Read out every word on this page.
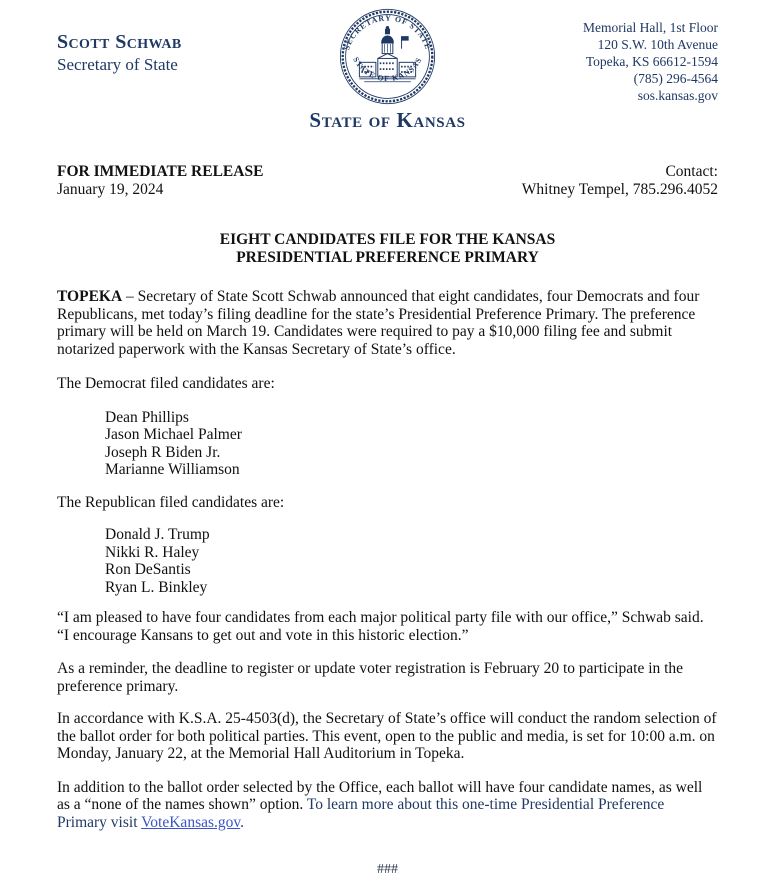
Scott Schwab
Secretary of State
SECRETARY OF STATE
STATE OF KANSAS
State of Kansas
Memorial Hall, 1st Floor
120 S.W. 10th Avenue
Topeka, KS 66612-1594
(785) 296-4564
sos.kansas.gov
FOR IMMEDIATE RELEASE
January 19, 2024
Contact:
Whitney Tempel, 785.296.4052
EIGHT CANDIDATES FILE FOR THE KANSAS
PRESIDENTIAL PREFERENCE PRIMARY

TOPEKA – Secretary of State Scott Schwab announced that eight candidates, four Democrats and four Republicans, met today’s filing deadline for the state’s Presidential Preference Primary. The preference primary will be held on March 19. Candidates were required to pay a $10,000 filing fee and submit notarized paperwork with the Kansas Secretary of State’s office.

The Democrat filed candidates are:

Dean Phillips
Jason Michael Palmer
Joseph R Biden Jr.
Marianne Williamson

The Republican filed candidates are:

Donald J. Trump
Nikki R. Haley
Ron DeSantis
Ryan L. Binkley

“I am pleased to have four candidates from each major political party file with our office,” Schwab said. “I encourage Kansans to get out and vote in this historic election.”

As a reminder, the deadline to register or update voter registration is February 20 to participate in the preference primary.

In accordance with K.S.A. 25-4503(d), the Secretary of State’s office will conduct the random selection of the ballot order for both political parties. This event, open to the public and media, is set for 10:00 a.m. on Monday, January 22, at the Memorial Hall Auditorium in Topeka.

In addition to the ballot order selected by the Office, each ballot will have four candidate names, as well as a “none of the names shown” option. To learn more about this one-time Presidential Preference Primary visit VoteKansas.gov.

###
